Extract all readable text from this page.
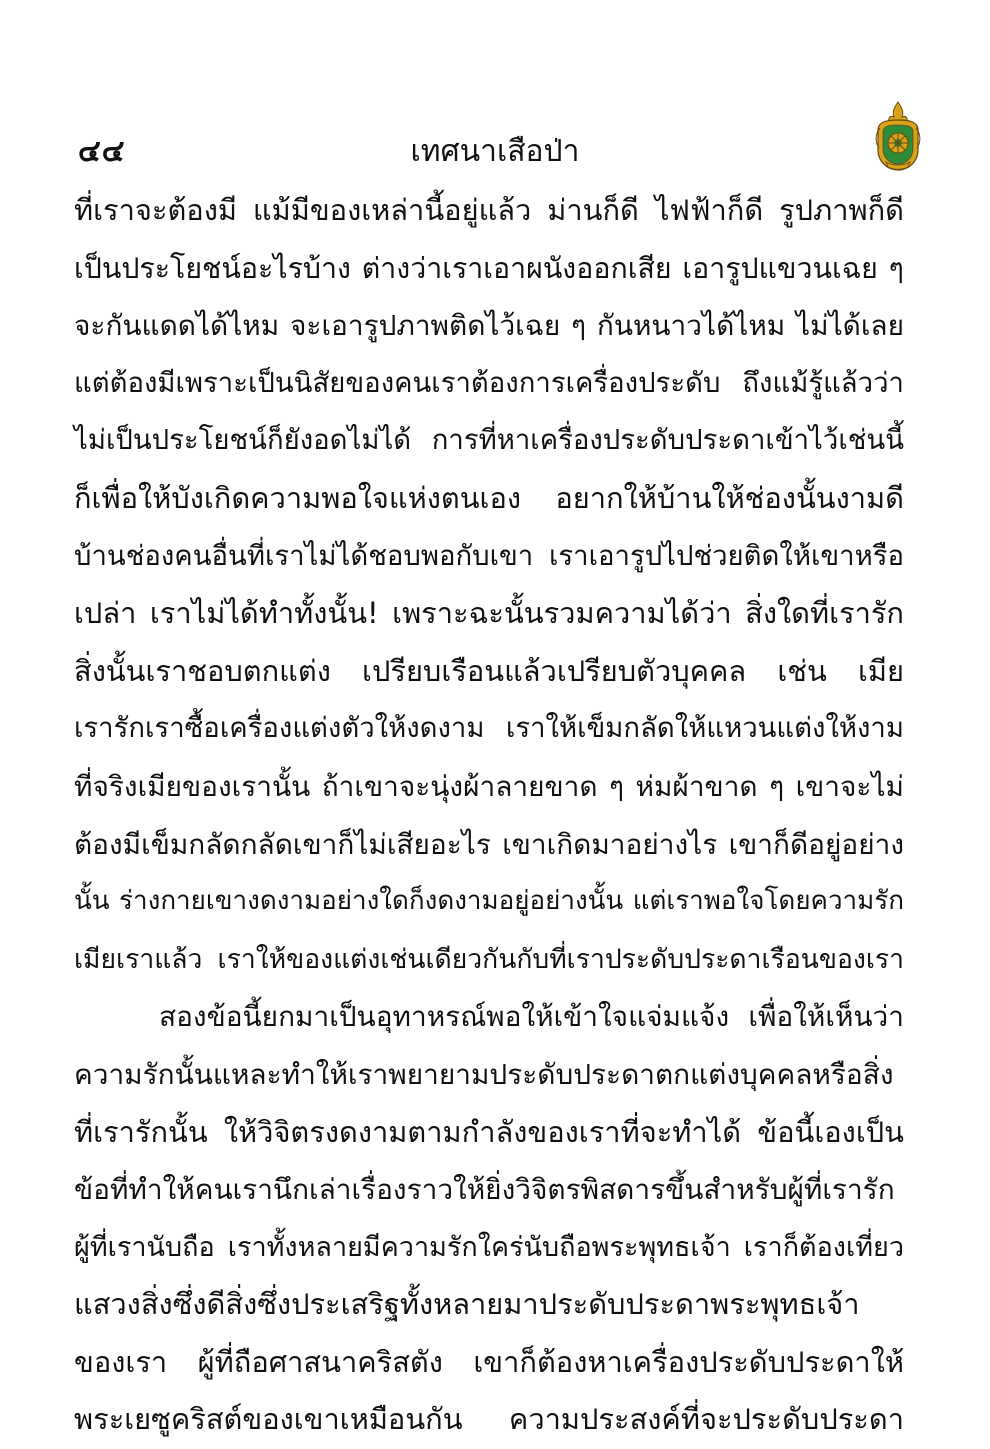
๔๔	เทศนาเสือป่า
ที่เราจะต้องมี แม้มีของเหล่านี้อยู่แล้ว ม่านก็ดี ไฟฟ้าก็ดี รูปภาพก็ดี
เป็นประโยชน์อะไรบ้าง ต่างว่าเราเอาผนังออกเสีย เอารูปแขวนเฉย ๆ
จะกันแดดได้ไหม จะเอารูปภาพติดไว้เฉย ๆ กันหนาวได้ไหม ไม่ได้เลย
แต่ต้องมีเพราะเป็นนิสัยของคนเราต้องการเครื่องประดับ ถึงแม้รู้แล้วว่า
ไม่เป็นประโยชน์ก็ยังอดไม่ได้ การที่หาเครื่องประดับประดาเข้าไว้เช่นนี้
ก็เพื่อให้บังเกิดความพอใจแห่งตนเอง อยากให้บ้านให้ช่องนั้นงามดี
บ้านช่องคนอื่นที่เราไม่ได้ชอบพอกับเขา เราเอารูปไปช่วยติดให้เขาหรือ
เปล่า เราไม่ได้ทำทั้งนั้น! เพราะฉะนั้นรวมความได้ว่า สิ่งใดที่เรารัก
สิ่งนั้นเราชอบตกแต่ง เปรียบเรือนแล้วเปรียบตัวบุคคล เช่น เมีย
เรารักเราซื้อเครื่องแต่งตัวให้งดงาม เราให้เข็มกลัดให้แหวนแต่งให้งาม
ที่จริงเมียของเรานั้น ถ้าเขาจะนุ่งผ้าลายขาด ๆ ห่มผ้าขาด ๆ เขาจะไม่
ต้องมีเข็มกลัดกลัดเขาก็ไม่เสียอะไร เขาเกิดมาอย่างไร เขาก็ดีอยู่อย่าง
นั้น ร่างกายเขางดงามอย่างใดก็งดงามอยู่อย่างนั้น แต่เราพอใจโดยความรัก
เมียเราแล้ว เราให้ของแต่งเช่นเดียวกันกับที่เราประดับประดาเรือนของเรา
สองข้อนี้ยกมาเป็นอุทาหรณ์พอให้เข้าใจแจ่มแจ้ง เพื่อให้เห็นว่า
ความรักนั้นแหละทำให้เราพยายามประดับประดาตกแต่งบุคคลหรือสิ่ง
ที่เรารักนั้น ให้วิจิตรงดงามตามกำลังของเราที่จะทำได้ ข้อนี้เองเป็น
ข้อที่ทำให้คนเรานึกเล่าเรื่องราวให้ยิ่งวิจิตรพิสดารขึ้นสำหรับผู้ที่เรารัก
ผู้ที่เรานับถือ เราทั้งหลายมีความรักใคร่นับถือพระพุทธเจ้า เราก็ต้องเที่ยว
แสวงสิ่งซึ่งดีสิ่งซึ่งประเสริฐทั้งหลายมาประดับประดาพระพุทธเจ้า
ของเรา ผู้ที่ถือศาสนาคริสตัง เขาก็ต้องหาเครื่องประดับประดาให้
พระเยซูคริสต์ของเขาเหมือนกัน ความประสงค์ที่จะประดับประดา
